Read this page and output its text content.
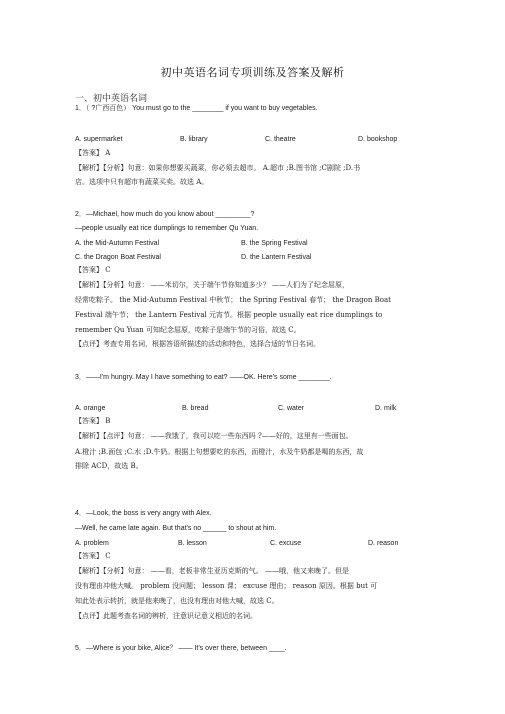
初中英语名词专项训练及答案及解析
一、初中英语名词
1．（ ?广西百色） You must go to the ________ if you want to buy vegetables.
A. supermarket	B. library	C. theatre	D. bookshop
【答案】 A
【解析】【分析】句意：如果你想要买蔬菜，你必须去超市。 A.超市 ;B.图书馆 ;C剧院 ;D.书
店。选项中只有超市有蔬菜买卖。故选 A。
2．—Michael, how much do you know about _________?
—people usually eat rice dumplings to remember Qu Yuan.
A. the Mid-Autumn Festival	B. the Spring Festival
C. the Dragon Boat Festival	D. the Lantern Festival
【答案】 C
【解析】【分析】句意： ——米切尔，关于端午节你知道多少？ ——人们为了纪念屈原，
经常吃粽子。 the Mid-Autumn Festival 中秋节； the Spring Festival 春节； the Dragon Boat
Festival 端午节； the Lantern Festival 元宵节。根据 people usually eat rice dumplings to
remember Qu Yuan 可知纪念屈原，吃粽子是端午节的习俗，故选 C。
【点评】考查专用名词，根据答语所描述的活动和特色，选择合适的节日名词。
3．——I'm hungry. May I have something to eat? ——OK. Here's some ________.
A. orange	B. bread	C. water	D. milk
【答案】 B
【解析】【点评】句意： ——我饿了，我可以吃一些东西吗 ?——好的，这里有一些面包。
A.橙汁 ;B.面包 ;C.水 ;D.牛奶。根据上句想要吃的东西，而橙汁，水及牛奶都是喝的东西，故
排除 ACD，故选 B。
4．—Look, the boss is very angry with Alex.
—Well, he came late again. But that's no ______ to shout at him.
A. problem	B. lesson	C. excuse	D. reason
【答案】 C
【解析】【分析】句意： ——看，老板非常生亚历克斯的气。 ——哦，他又来晚了。但是
没有理由冲他大喊。 problem 没问题； lesson 课； excuse 理由； reason 原因。根据 but 可
知此处表示转折，就是他来晚了，也没有理由对他大喊，故选 C。
【点评】此题考查名词的辨析，注意识记意义相近的名词。
5．—Where is your bike, Alice？ —— It's over there, between ____.
